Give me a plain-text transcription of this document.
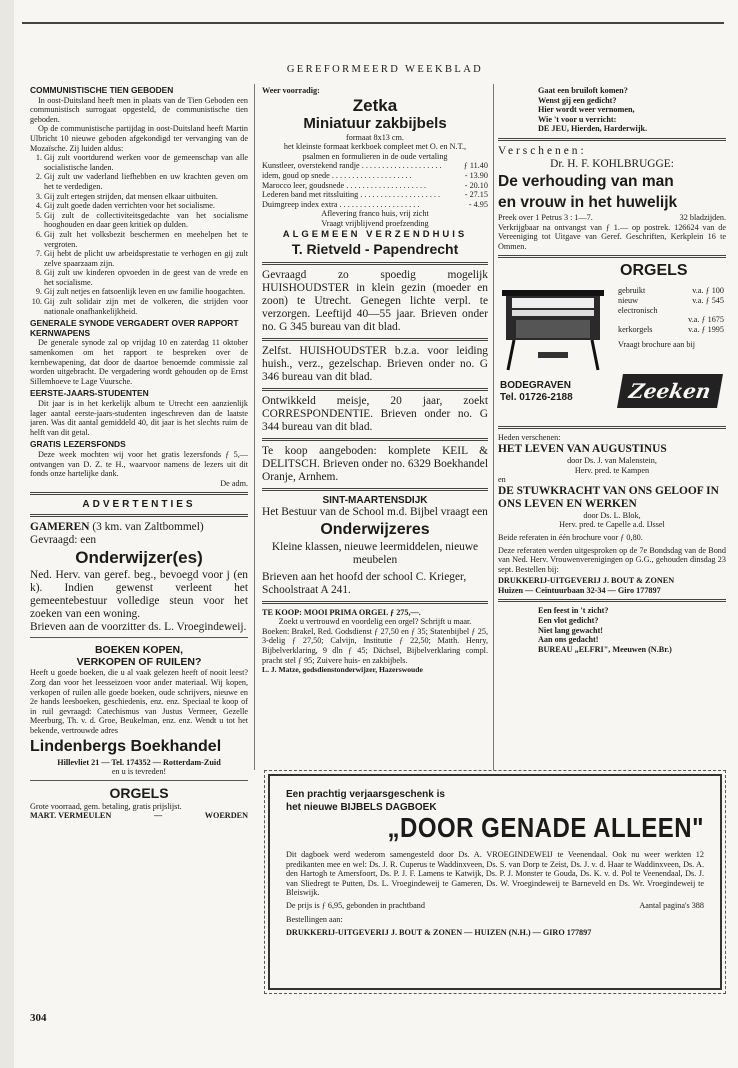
GEREFORMEERD WEEKBLAD
COMMUNISTISCHE TIEN GEBODEN
In oost-Duitsland heeft men in plaats van de Tien Geboden een communistisch surrogaat opgesteld, de communistische tien geboden.
Op de communistische partijdag in oost-Duitsland heeft Martin Ulbricht 10 nieuwe geboden afgekondigd ter vervanging van de Mozaïsche. Zij luiden aldus:
1. Gij zult voortdurend werken voor de gemeenschap van alle socialistische landen.
2. Gij zult uw vaderland liefhebben en uw krachten geven om het te verdedigen.
3. Gij zult ertegen strijden, dat mensen elkaar uitbuiten.
4. Gij zult goede daden verrichten voor het socialisme.
5. Gij zult de collectiviteitsgedachte van het socialisme hooghouden en daar geen kritiek op dulden.
6. Gij zult het volksbezit beschermen en meehelpen het te vergroten.
7. Gij hebt de plicht uw arbeidsprestatie te verhogen en gij zult zelve spaarzaam zijn.
8. Gij zult uw kinderen opvoeden in de geest van de vrede en het socialisme.
9. Gij zult netjes en fatsoenlijk leven en uw familie hoogachten.
10. Gij zult solidair zijn met de volkeren, die strijden voor nationale onafhankelijkheid.
GENERALE SYNODE VERGADERT OVER RAPPORT KERNWAPENS
De generale synode zal op vrijdag 10 en zaterdag 11 oktober samenkomen om het rapport te bespreken over de kernbewapening, dat door de daartoe benoemde commissie zal worden uitgebracht. De vergadering wordt gehouden op de Ernst Sillemhoeve te Lage Vuursche.
EERSTE-JAARS-STUDENTEN
Dit jaar is in het kerkelijk album te Utrecht een aanzienlijk lager aantal eerste-jaars-studenten ingeschreven dan de laatste jaren. Was dit aantal gemiddeld 40, dit jaar is het slechts ruim de helft van dit getal.
GRATIS LEZERSFONDS
Deze week mochten wij voor het gratis lezersfonds ƒ 5,— ontvangen van D. Z. te H., waarvoor namens de lezers uit dit fonds onze hartelijke dank.
De adm.
ADVERTENTIES
GAMEREN (3 km. van Zaltbommel)
Gevraagd: een
Onderwijzer(es)
Ned. Herv. van geref. beg., bevoegd voor j (en k). Indien gewenst verleent het gemeentebestuur volledige steun voor het zoeken van een woning.
Brieven aan de voorzitter ds. L. Vroegindeweij.
BOEKEN KOPEN,
VERKOPEN OF RUILEN?
Heeft u goede boeken, die u al vaak gelezen heeft of nooit leest? Zorg dan voor het leesseizoen voor ander materiaal. Wij kopen, verkopen of ruilen alle goede boeken, oude schrijvers, nieuwe en 2e hands leesboeken, geschiedenis, enz. enz. Speciaal te koop of in ruil gevraagd: Catechismus van Justus Vermeer, Gezelle Meerburg, Th. v. d. Groe, Beukelman, enz. enz. Wendt u tot het bekende, vertrouwde adres
Lindenbergs Boekhandel
Hillevliet 21 — Tel. 174352 — Rotterdam-Zuid
en u is tevreden!
ORGELS
Grote voorraad, gem. betaling, gratis prijslijst.
MART. VERMEULEN	—	WOERDEN
Weer voorradig:
Zetka
Miniatuur zakbijbels
formaat 8x13 cm.
het kleinste formaat kerkboek compleet met O. en N.T., psalmen en formulieren in de oude vertaling
Kunstleer, overstekend randje . . .	ƒ 11.40
idem, goud op snede . . .	- 13.90
Marocco leer, goudsnede . . .	- 20.10
Lederen band met ritssluiting . . .	- 27.15
Duimgreep index extra . . .	- 4.95
Aflevering franco huis, vrij zicht
Vraagt vrijblijvend proefzending
ALGEMEEN VERZENDHUIS
T. Rietveld - Papendrecht
Gevraagd zo spoedig mogelijk HUISHOUDSTER in klein gezin (moeder en zoon) te Utrecht. Genegen lichte verpl. te verzorgen. Leeftijd 40—55 jaar. Brieven onder no. G 345 bureau van dit blad.
Zelfst. HUISHOUDSTER b.z.a. voor leiding huish., verz., gezelschap. Brieven onder no. G 346 bureau van dit blad.
Ontwikkeld meisje, 20 jaar, zoekt CORRESPONDENTIE. Brieven onder no. G 344 bureau van dit blad.
Te koop aangeboden: komplete KEIL & DELITSCH. Brieven onder no. 6329 Boekhandel Oranje, Arnhem.
SINT-MAARTENSDIJK
Het Bestuur van de School m.d. Bijbel vraagt een
Onderwijzeres
Kleine klassen, nieuwe leermiddelen, nieuwe meubelen
Brieven aan het hoofd der school C. Krieger, Schoolstraat A 241.
TE KOOP: MOOI PRIMA ORGEL ƒ 275,—.
Zoekt u vertrouwd en voordelig een orgel? Schrijft u maar.
Boeken: Brakel, Red. Godsdienst ƒ 27,50 en ƒ 35; Statenbijbel ƒ 25, 3-delig ƒ 27,50; Calvijn, Institutie ƒ 22,50; Matth. Henry, Bijbelverklaring, 9 dln ƒ 45; Dächsel, Bijbelverklaring compl. pracht stel ƒ 95; Zuivere huis- en zakbijbels.
L. J. Matze, godsdienstonderwijzer, Hazerswoude
Gaat een bruiloft komen?
Wenst gij een gedicht?
Hier wordt weer vernomen,
Wie 't voor u verricht:
DE JEU, Hierden, Harderwijk.
Verschenen:
Dr. H. F. KOHLBRUGGE:
De verhouding van man
en vrouw in het huwelijk
Preek over 1 Petrus 3 : 1—7.	32 bladzijden.
Verkrijgbaar na ontvangst van ƒ 1.— op postrek. 126624 van de Vereeniging tot Uitgave van Geref. Geschriften, Kerkplein 16 te Ommen.
ORGELS
gebruikt	v.a. ƒ 100
nieuw	v.a. ƒ 545
electronisch
v.a. ƒ 1675
kerkorgels	v.a. ƒ 1995
Vraagt brochure aan bij
BODEGRAVEN
Tel. 01726-2188	Zeeken
Heden verschenen:
HET LEVEN VAN AUGUSTINUS
door Ds. J. van Malenstein,
Herv. pred. te Kampen
en
DE STUWKRACHT VAN ONS GELOOF IN ONS LEVEN EN WERKEN
door Ds. L. Blok,
Herv. pred. te Capelle a.d. IJssel
Beide referaten in één brochure voor ƒ 0,80.
Deze referaten werden uitgesproken op de 7e Bondsdag van de Bond van Ned. Herv. Vrouwenverenigingen op G.G., gehouden dinsdag 23 sept. Bestellen bij:
DRUKKERIJ-UITGEVERIJ J. BOUT & ZONEN
Huizen — Ceintuurbaan 32-34 — Giro 177897
Een feest in 't zicht?
Een vlot gedicht?
Niet lang gewacht!
Aan ons gedacht!
BUREAU „ELFRI", Meeuwen (N.Br.)
Een prachtig verjaarsgeschenk is
het nieuwe BIJBELS DAGBOEK
„DOOR GENADE ALLEEN"
Dit dagboek werd wederom samengesteld door Ds. A. VROEGINDEWEIJ te Veenendaal. Ook nu weer werkten 12 predikanten mee en wel: Ds. J. R. Cuperus te Waddinxveen, Ds. S. van Dorp te Zeist, Ds. J. v. d. Haar te Waddinxveen, Ds. A. den Hartogh te Amersfoort, Ds. P. J. F. Lamens te Katwijk, Ds. P. J. Monster te Gouda, Ds. K. v. d. Pol te Veenendaal, Ds. J. van Sliedregt te Putten, Ds. L. Vroegindeweij te Gameren, Ds. W. Vroegindeweij te Barneveld en Ds. Wr. Vroegindeweij te Bleiswijk.
De prijs is ƒ 6,95, gebonden in prachtband	Aantal pagina's 388
Bestellingen aan:
DRUKKERIJ-UITGEVERIJ J. BOUT & ZONEN — HUIZEN (N.H.) — GIRO 177897
304
